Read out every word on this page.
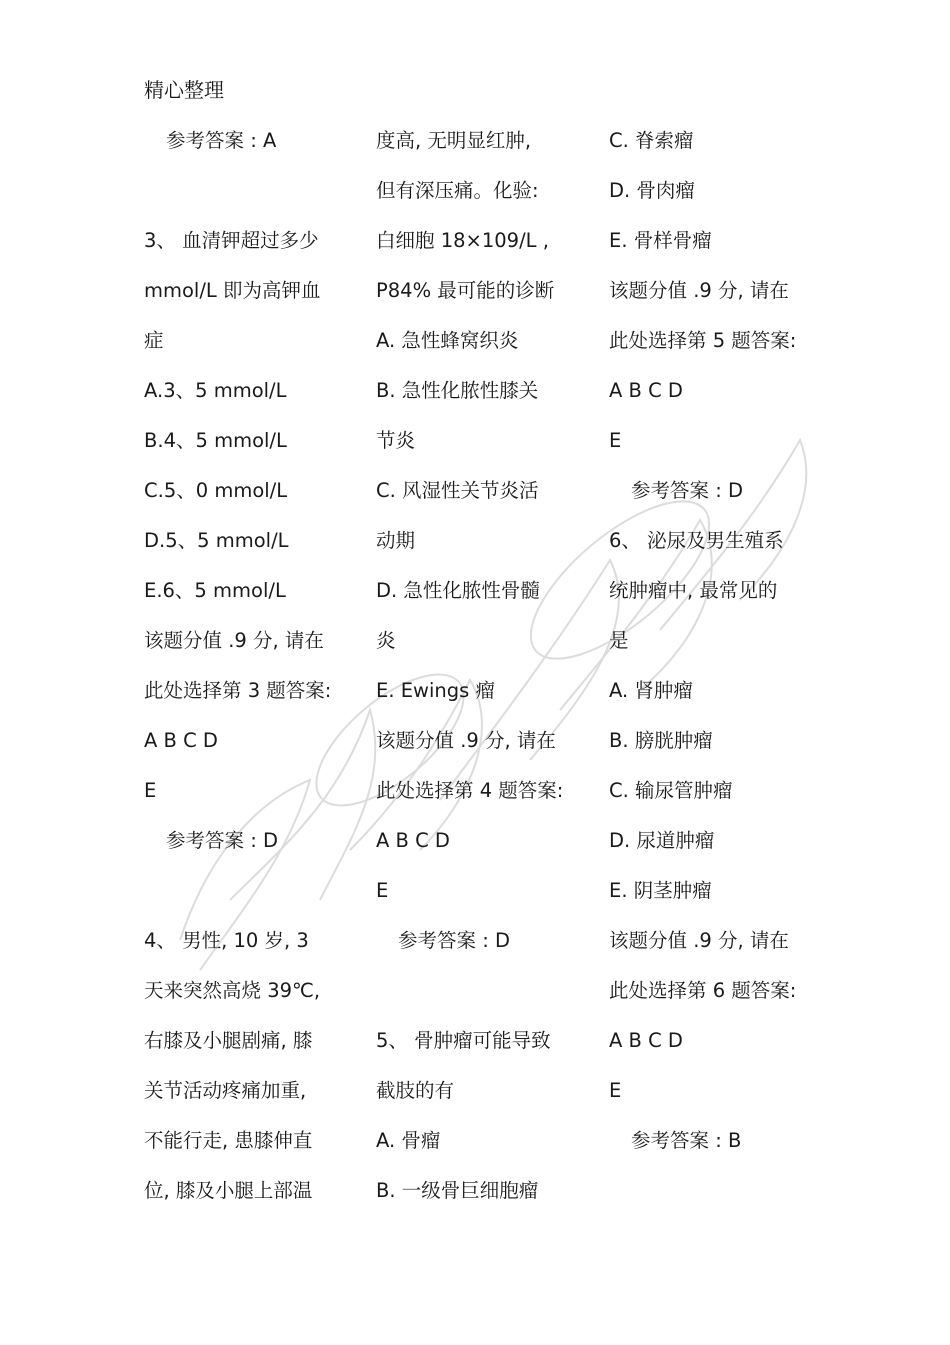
精心整理
参考答案 : A
3、 血清钾超过多少
mmol/L 即为高钾血
症
A.3、5 mmol/L
B.4、5 mmol/L
C.5、0 mmol/L
D.5、5 mmol/L
E.6、5 mmol/L
该题分值 .9 分, 请在
此处选择第 3 题答案:
A B C D
E
参考答案 : D
4、 男性, 10 岁, 3
天来突然高烧 39℃,
右膝及小腿剧痛, 膝
关节活动疼痛加重,
不能行走, 患膝伸直
位, 膝及小腿上部温
度高, 无明显红肿,
但有深压痛。化验:
白细胞 18×109/L ,
P84% 最可能的诊断
A. 急性蜂窝织炎
B. 急性化脓性膝关
节炎
C. 风湿性关节炎活
动期
D. 急性化脓性骨髓
炎
E. Ewings 瘤
该题分值 .9 分, 请在
此处选择第 4 题答案:
A B C D
E
参考答案 : D
5、 骨肿瘤可能导致
截肢的有
A. 骨瘤
B. 一级骨巨细胞瘤
C. 脊索瘤
D. 骨肉瘤
E. 骨样骨瘤
该题分值 .9 分, 请在
此处选择第 5 题答案:
A B C D
E
参考答案 : D
6、 泌尿及男生殖系
统肿瘤中, 最常见的
是
A. 肾肿瘤
B. 膀胱肿瘤
C. 输尿管肿瘤
D. 尿道肿瘤
E. 阴茎肿瘤
该题分值 .9 分, 请在
此处选择第 6 题答案:
A B C D
E
参考答案 : B
